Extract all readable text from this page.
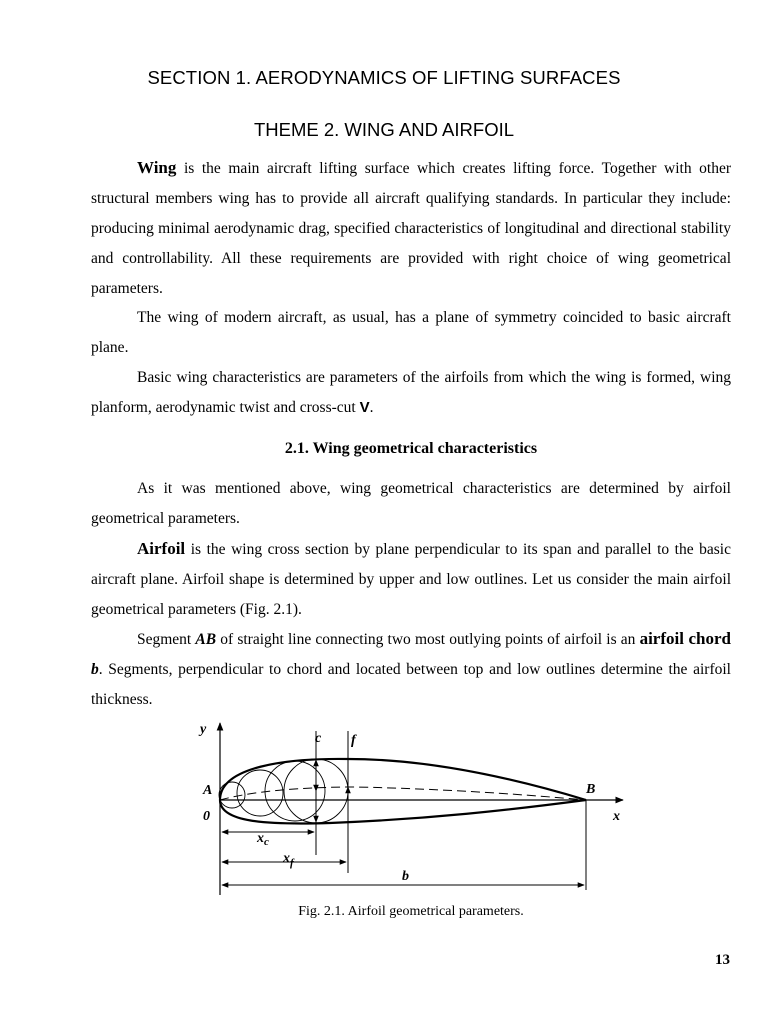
SECTION 1. AERODYNAMICS OF LIFTING SURFACES
THEME 2. WING AND AIRFOIL
Wing is the main aircraft lifting surface which creates lifting force. Together with other structural members wing has to provide all aircraft qualifying standards. In particular they include: producing minimal aerodynamic drag, specified characteristics of longitudinal and directional stability and controllability. All these requirements are provided with right choice of wing geometrical parameters.
The wing of modern aircraft, as usual, has a plane of symmetry coincided to basic aircraft plane.
Basic wing characteristics are parameters of the airfoils from which the wing is formed, wing planform, aerodynamic twist and cross-cut V.
2.1. Wing geometrical characteristics
As it was mentioned above, wing geometrical characteristics are determined by airfoil geometrical parameters.
Airfoil is the wing cross section by plane perpendicular to its span and parallel to the basic aircraft plane. Airfoil shape is determined by upper and low outlines. Let us consider the main airfoil geometrical parameters (Fig. 2.1).
Segment AB of straight line connecting two most outlying points of airfoil is an airfoil chord b. Segments, perpendicular to chord and located between top and low outlines determine the airfoil thickness.
y
x
A	B
0
c f
$x_c$
$x_f$
b
Fig. 2.1. Airfoil geometrical parameters.
13
